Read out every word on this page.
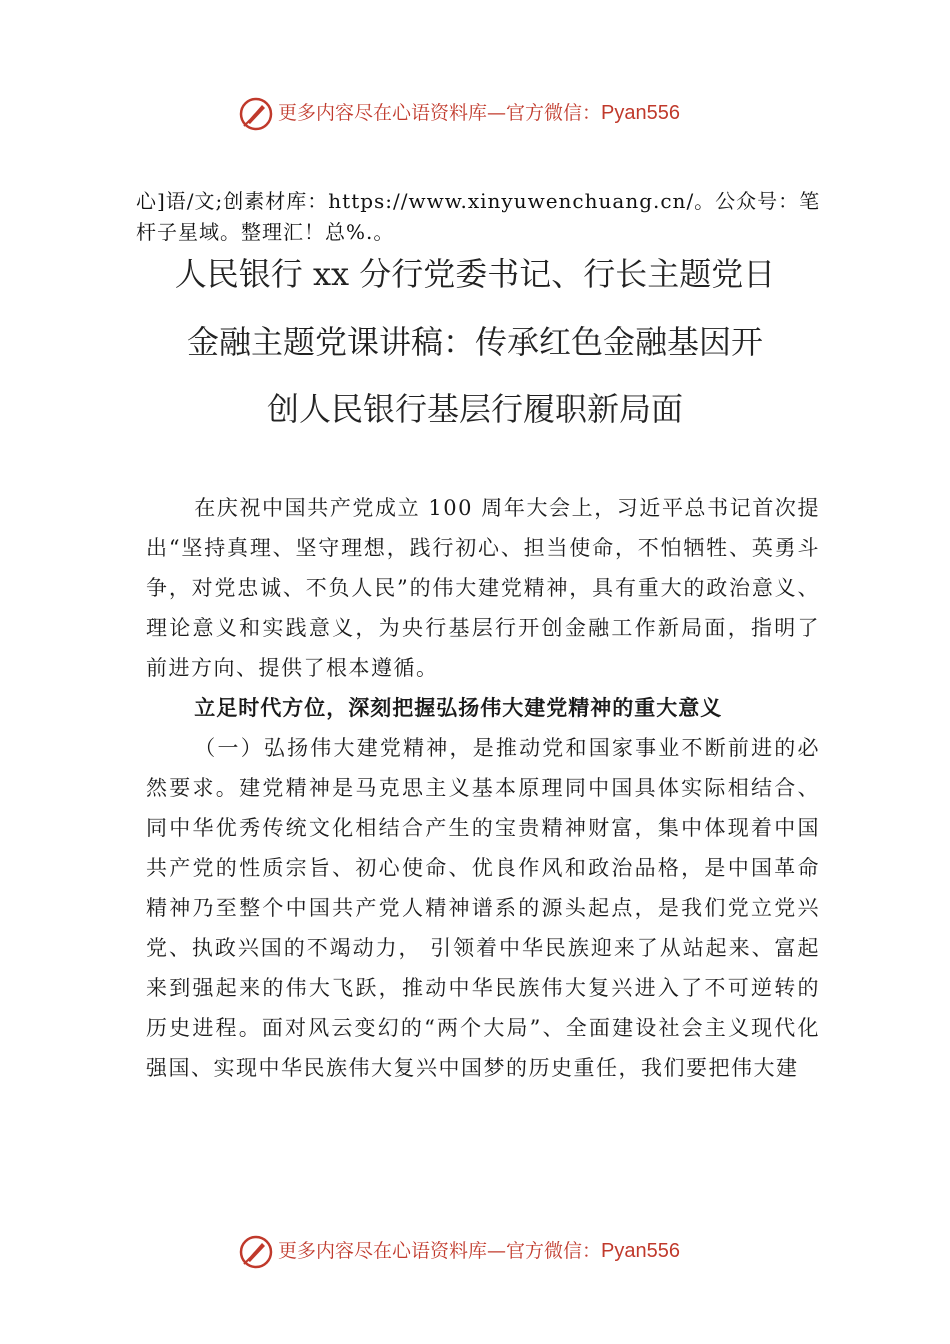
更多内容尽在心语资料库—官方微信：Pyan556
心]语/文;创素材库：https://www.xinyuwenchuang.cn/。公众号：笔杆子星域。整理汇！总%.。
人民银行 xx 分行党委书记、行长主题党日
金融主题党课讲稿：传承红色金融基因开
创人民银行基层行履职新局面

在庆祝中国共产党成立 100 周年大会上，习近平总书记首次提出“坚持真理、坚守理想，践行初心、担当使命，不怕牺牲、英勇斗争，对党忠诚、不负人民”的伟大建党精神，具有重大的政治意义、理论意义和实践意义，为央行基层行开创金融工作新局面，指明了前进方向、提供了根本遵循。

立足时代方位，深刻把握弘扬伟大建党精神的重大意义

（一）弘扬伟大建党精神，是推动党和国家事业不断前进的必然要求。建党精神是马克思主义基本原理同中国具体实际相结合、同中华优秀传统文化相结合产生的宝贵精神财富，集中体现着中国共产党的性质宗旨、初心使命、优良作风和政治品格，是中国革命精神乃至整个中国共产党人精神谱系的源头起点，是我们党立党兴党、执政兴国的不竭动力， 引领着中华民族迎来了从站起来、富起来到强起来的伟大飞跃，推动中华民族伟大复兴进入了不可逆转的历史进程。面对风云变幻的“两个大局”、全面建设社会主义现代化强国、实现中华民族伟大复兴中国梦的历史重任，我们要把伟大建

更多内容尽在心语资料库—官方微信：Pyan556
